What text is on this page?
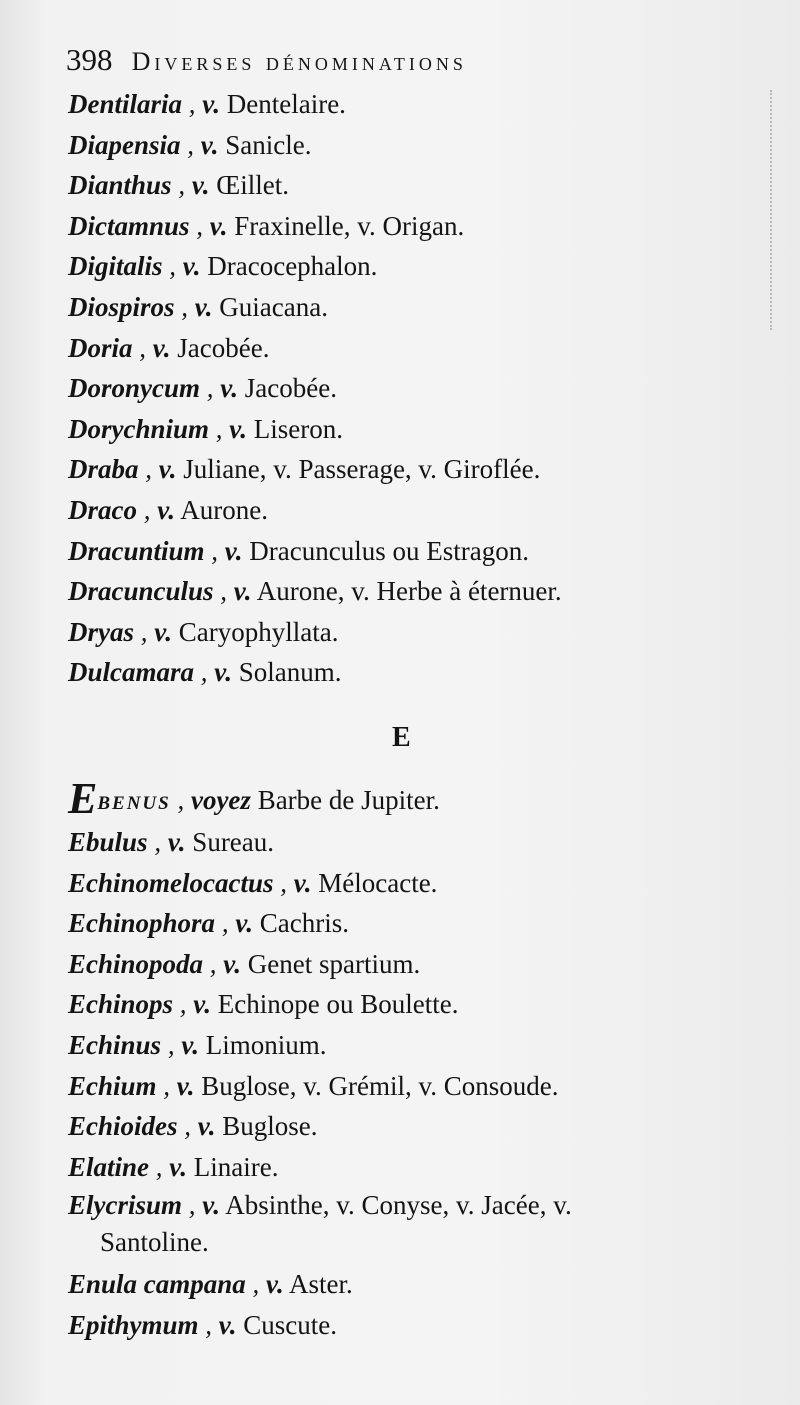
398 Diverses dénominations
Dentilaria , v. Dentelaire.
Diapensia , v. Sanicle.
Dianthus , v. Œillet.
Dictamnus , v. Fraxinelle, v. Origan.
Digitalis , v. Dracocephalon.
Diospiros , v. Guiacana.
Doria , v. Jacobée.
Doronycum , v. Jacobée.
Dorychnium , v. Liseron.
Draba , v. Juliane, v. Passerage, v. Giroflée.
Draco , v. Aurone.
Dracuntium , v. Dracunculus ou Estragon.
Dracunculus , v. Aurone, v. Herbe à éternuer.
Dryas , v. Caryophyllata.
Dulcamara , v. Solanum.
E
Ebenus , voyez Barbe de Jupiter.
Ebulus , v. Sureau.
Echinomelocactus , v. Mélocacte.
Echinophora , v. Cachris.
Echinopoda , v. Genet spartium.
Echinops , v. Echinope ou Boulette.
Echinus , v. Limonium.
Echium , v. Buglose, v. Grémil, v. Consoude.
Echioides , v. Buglose.
Elatine , v. Linaire.
Elycrisum , v. Absinthe, v. Conyse, v. Jacée, v.
Santoline.
Enula campana , v. Aster.
Epithymum , v. Cuscute.
